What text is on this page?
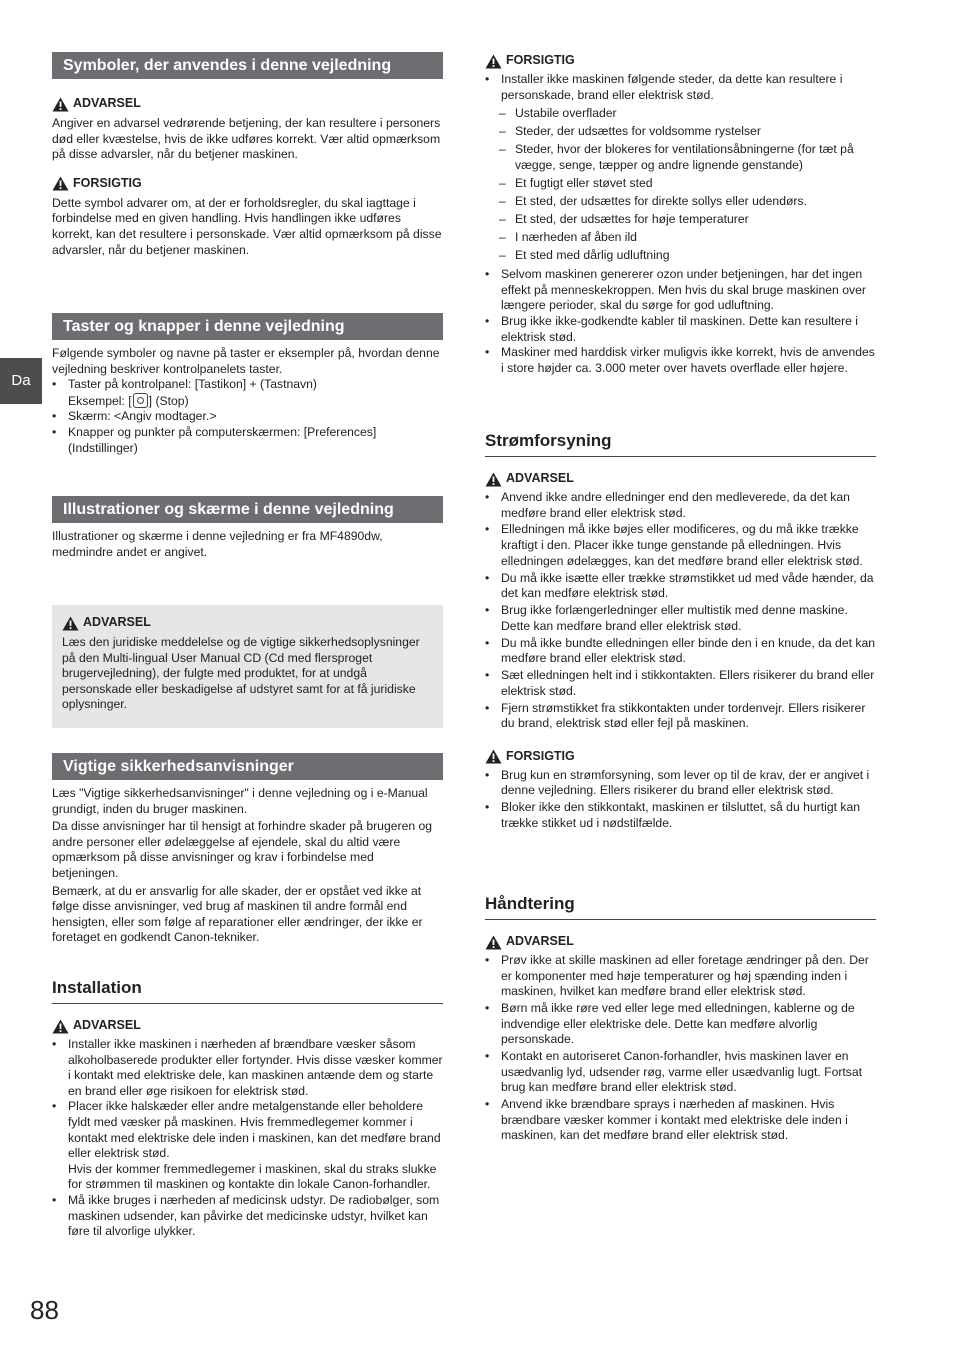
Da
Symboler, der anvendes i denne vejledning
ADVARSEL

Angiver en advarsel vedrørende betjening, der kan resultere i personers død eller kvæstelse, hvis de ikke udføres korrekt. Vær altid opmærksom på disse advarsler, når du betjener maskinen.

FORSIGTIG

Dette symbol advarer om, at der er forholdsregler, du skal iagttage i forbindelse med en given handling. Hvis handlingen ikke udføres korrekt, kan det resultere i personskade. Vær altid opmærksom på disse advarsler, når du betjener maskinen.

Taster og knapper i denne vejledning

Følgende symboler og navne på taster er eksempler på, hvordan denne vejledning beskriver kontrolpanelets taster.

• Taster på kontrolpanel: [Tastikon] + (Tastnavn)
Eksempel: [ ] (Stop)
• Skærm: <Angiv modtager.>
• Knapper og punkter på computerskærmen: [Preferences] (Indstillinger)
Illustrationer og skærme i denne vejledning

Illustrationer og skærme i denne vejledning er fra MF4890dw, medmindre andet er angivet.

ADVARSEL

Læs den juridiske meddelelse og de vigtige sikkerhedsoplysninger på den Multi-lingual User Manual CD (Cd med flersproget brugervejledning), der fulgte med produktet, for at undgå personskade eller beskadigelse af udstyret samt for at få juridiske oplysninger.

Vigtige sikkerhedsanvisninger

Læs "Vigtige sikkerhedsanvisninger" i denne vejledning og i e-Manual grundigt, inden du bruger maskinen.

Da disse anvisninger har til hensigt at forhindre skader på brugeren og andre personer eller ødelæggelse af ejendele, skal du altid være opmærksom på disse anvisninger og krav i forbindelse med betjeningen.

Bemærk, at du er ansvarlig for alle skader, der er opstået ved ikke at følge disse anvisninger, ved brug af maskinen til andre formål end hensigten, eller som følge af reparationer eller ændringer, der ikke er foretaget en godkendt Canon-tekniker.

Installation
ADVARSEL
• Installer ikke maskinen i nærheden af brændbare væsker såsom alkoholbaserede produkter eller fortynder. Hvis disse væsker kommer i kontakt med elektriske dele, kan maskinen antænde dem og starte en brand eller øge risikoen for elektrisk stød.
• Placer ikke halskæder eller andre metalgenstande eller beholdere fyldt med væsker på maskinen. Hvis fremmedlegemer kommer i kontakt med elektriske dele inden i maskinen, kan det medføre brand eller elektrisk stød.
Hvis der kommer fremmedlegemer i maskinen, skal du straks slukke for strømmen til maskinen og kontakte din lokale Canon-forhandler.
• Må ikke bruges i nærheden af medicinsk udstyr. De radiobølger, som maskinen udsender, kan påvirke det medicinske udstyr, hvilket kan føre til alvorlige ulykker.
FORSIGTIG
• Installer ikke maskinen følgende steder, da dette kan resultere i personskade, brand eller elektrisk stød.
– Ustabile overflader
– Steder, der udsættes for voldsomme rystelser
– Steder, hvor der blokeres for ventilationsåbningerne (for tæt på vægge, senge, tæpper og andre lignende genstande)
– Et fugtigt eller støvet sted
– Et sted, der udsættes for direkte sollys eller udendørs.
– Et sted, der udsættes for høje temperaturer
– I nærheden af åben ild
– Et sted med dårlig udluftning
• Selvom maskinen genererer ozon under betjeningen, har det ingen effekt på menneskekroppen. Men hvis du skal bruge maskinen over længere perioder, skal du sørge for god udluftning.
• Brug ikke ikke-godkendte kabler til maskinen. Dette kan resultere i elektrisk stød.
• Maskiner med harddisk virker muligvis ikke korrekt, hvis de anvendes i store højder ca. 3.000 meter over havets overflade eller højere.
Strømforsyning
ADVARSEL
• Anvend ikke andre elledninger end den medleverede, da det kan medføre brand eller elektrisk stød.
• Elledningen må ikke bøjes eller modificeres, og du må ikke trække kraftigt i den. Placer ikke tunge genstande på elledningen. Hvis elledningen ødelægges, kan det medføre brand eller elektrisk stød.
• Du må ikke isætte eller trække strømstikket ud med våde hænder, da det kan medføre elektrisk stød.
• Brug ikke forlængerledninger eller multistik med denne maskine. Dette kan medføre brand eller elektrisk stød.
• Du må ikke bundte elledningen eller binde den i en knude, da det kan medføre brand eller elektrisk stød.
• Sæt elledningen helt ind i stikkontakten. Ellers risikerer du brand eller elektrisk stød.
• Fjern strømstikket fra stikkontakten under tordenvejr. Ellers risikerer du brand, elektrisk stød eller fejl på maskinen.
FORSIGTIG
• Brug kun en strømforsyning, som lever op til de krav, der er angivet i denne vejledning. Ellers risikerer du brand eller elektrisk stød.
• Bloker ikke den stikkontakt, maskinen er tilsluttet, så du hurtigt kan trække stikket ud i nødstilfælde.
Håndtering
ADVARSEL
• Prøv ikke at skille maskinen ad eller foretage ændringer på den. Der er komponenter med høje temperaturer og høj spænding inden i maskinen, hvilket kan medføre brand eller elektrisk stød.
• Børn må ikke røre ved eller lege med elledningen, kablerne og de indvendige eller elektriske dele. Dette kan medføre alvorlig personskade.
• Kontakt en autoriseret Canon-forhandler, hvis maskinen laver en usædvanlig lyd, udsender røg, varme eller usædvanlig lugt. Fortsat brug kan medføre brand eller elektrisk stød.
• Anvend ikke brændbare sprays i nærheden af maskinen. Hvis brændbare væsker kommer i kontakt med elektriske dele inden i maskinen, kan det medføre brand eller elektrisk stød.
88
